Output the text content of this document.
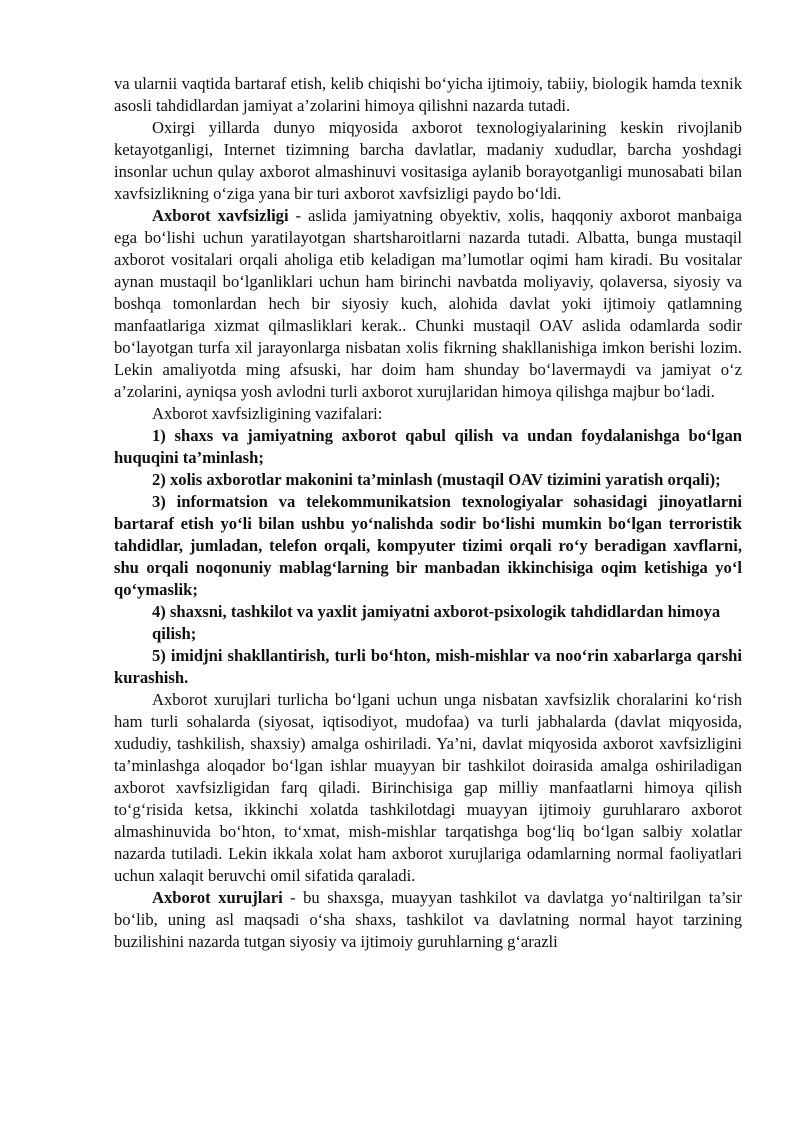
va ularnii vaqtida bartaraf etish, kelib chiqishi bo‘yicha ijtimoiy, tabiiy, biologik hamda texnik asosli tahdidlardan jamiyat a’zolarini himoya qilishni nazarda tutadi.

Oxirgi yillarda dunyo miqyosida axborot texnologiyalarining keskin rivojlanib ketayotganligi, Internet tizimning barcha davlatlar, madaniy xududlar, barcha yoshdagi insonlar uchun qulay axborot almashinuvi vositasiga aylanib borayotganligi munosabati bilan xavfsizlikning o‘ziga yana bir turi axborot xavfsizligi paydo bo‘ldi.

Axborot xavfsizligi - aslida jamiyatning obyektiv, xolis, haqqoniy axborot manbaiga ega bo‘lishi uchun yaratilayotgan shartsharoitlarni nazarda tutadi. Albatta, bunga mustaqil axborot vositalari orqali aholiga etib keladigan ma’lumotlar oqimi ham kiradi. Bu vositalar aynan mustaqil bo‘lganliklari uchun ham birinchi navbatda moliyaviy, qolaversa, siyosiy va boshqa tomonlardan hech bir siyosiy kuch, alohida davlat yoki ijtimoiy qatlamning manfaatlariga xizmat qilmasliklari kerak.. Chunki mustaqil OAV aslida odamlarda sodir bo‘layotgan turfa xil jarayonlarga nisbatan xolis fikrning shakllanishiga imkon berishi lozim. Lekin amaliyotda ming afsuski, har doim ham shunday bo‘lavermaydi va jamiyat o‘z a’zolarini, ayniqsa yosh avlodni turli axborot xurujlaridan himoya qilishga majbur bo‘ladi.

Axborot xavfsizligining vazifalari:

1) shaxs va jamiyatning axborot qabul qilish va undan foydalanishga bo‘lgan huquqini ta’minlash;

2) xolis axborotlar makonini ta’minlash (mustaqil OAV tizimini yaratish orqali);

3) informatsion va telekommunikatsion texnologiyalar sohasidagi jinoyatlarni bartaraf etish yo‘li bilan ushbu yo‘nalishda sodir bo‘lishi mumkin bo‘lgan terroristik tahdidlar, jumladan, telefon orqali, kompyuter tizimi orqali ro‘y beradigan xavflarni, shu orqali noqonuniy mablag‘larning bir manbadan ikkinchisiga oqim ketishiga yo‘l qo‘ymaslik;

4) shaxsni, tashkilot va yaxlit jamiyatni axborot-psixologik tahdidlardan himoya

qilish;

5) imidjni shakllantirish, turli bo‘hton, mish-mishlar va noo‘rin xabarlarga qarshi kurashish.

Axborot xurujlari turlicha bo‘lgani uchun unga nisbatan xavfsizlik choralarini ko‘rish ham turli sohalarda (siyosat, iqtisodiyot, mudofaa) va turli jabhalarda (davlat miqyosida, xududiy, tashkilish, shaxsiy) amalga oshiriladi. Ya’ni, davlat miqyosida axborot xavfsizligini ta’minlashga aloqador bo‘lgan ishlar muayyan bir tashkilot doirasida amalga oshiriladigan axborot xavfsizligidan farq qiladi. Birinchisiga gap milliy manfaatlarni himoya qilish to‘g‘risida ketsa, ikkinchi xolatda tashkilotdagi muayyan ijtimoiy guruhlararo axborot almashinuvida bo‘hton, to‘xmat, mish-mishlar tarqatishga bog‘liq bo‘lgan salbiy xolatlar nazarda tutiladi. Lekin ikkala xolat ham axborot xurujlariga odamlarning normal faoliyatlari uchun xalaqit beruvchi omil sifatida qaraladi.

Axborot xurujlari - bu shaxsga, muayyan tashkilot va davlatga yo‘naltirilgan ta’sir bo‘lib, uning asl maqsadi o‘sha shaxs, tashkilot va davlatning normal hayot tarzining buzilishini nazarda tutgan siyosiy va ijtimoiy guruhlarning g‘arazli
